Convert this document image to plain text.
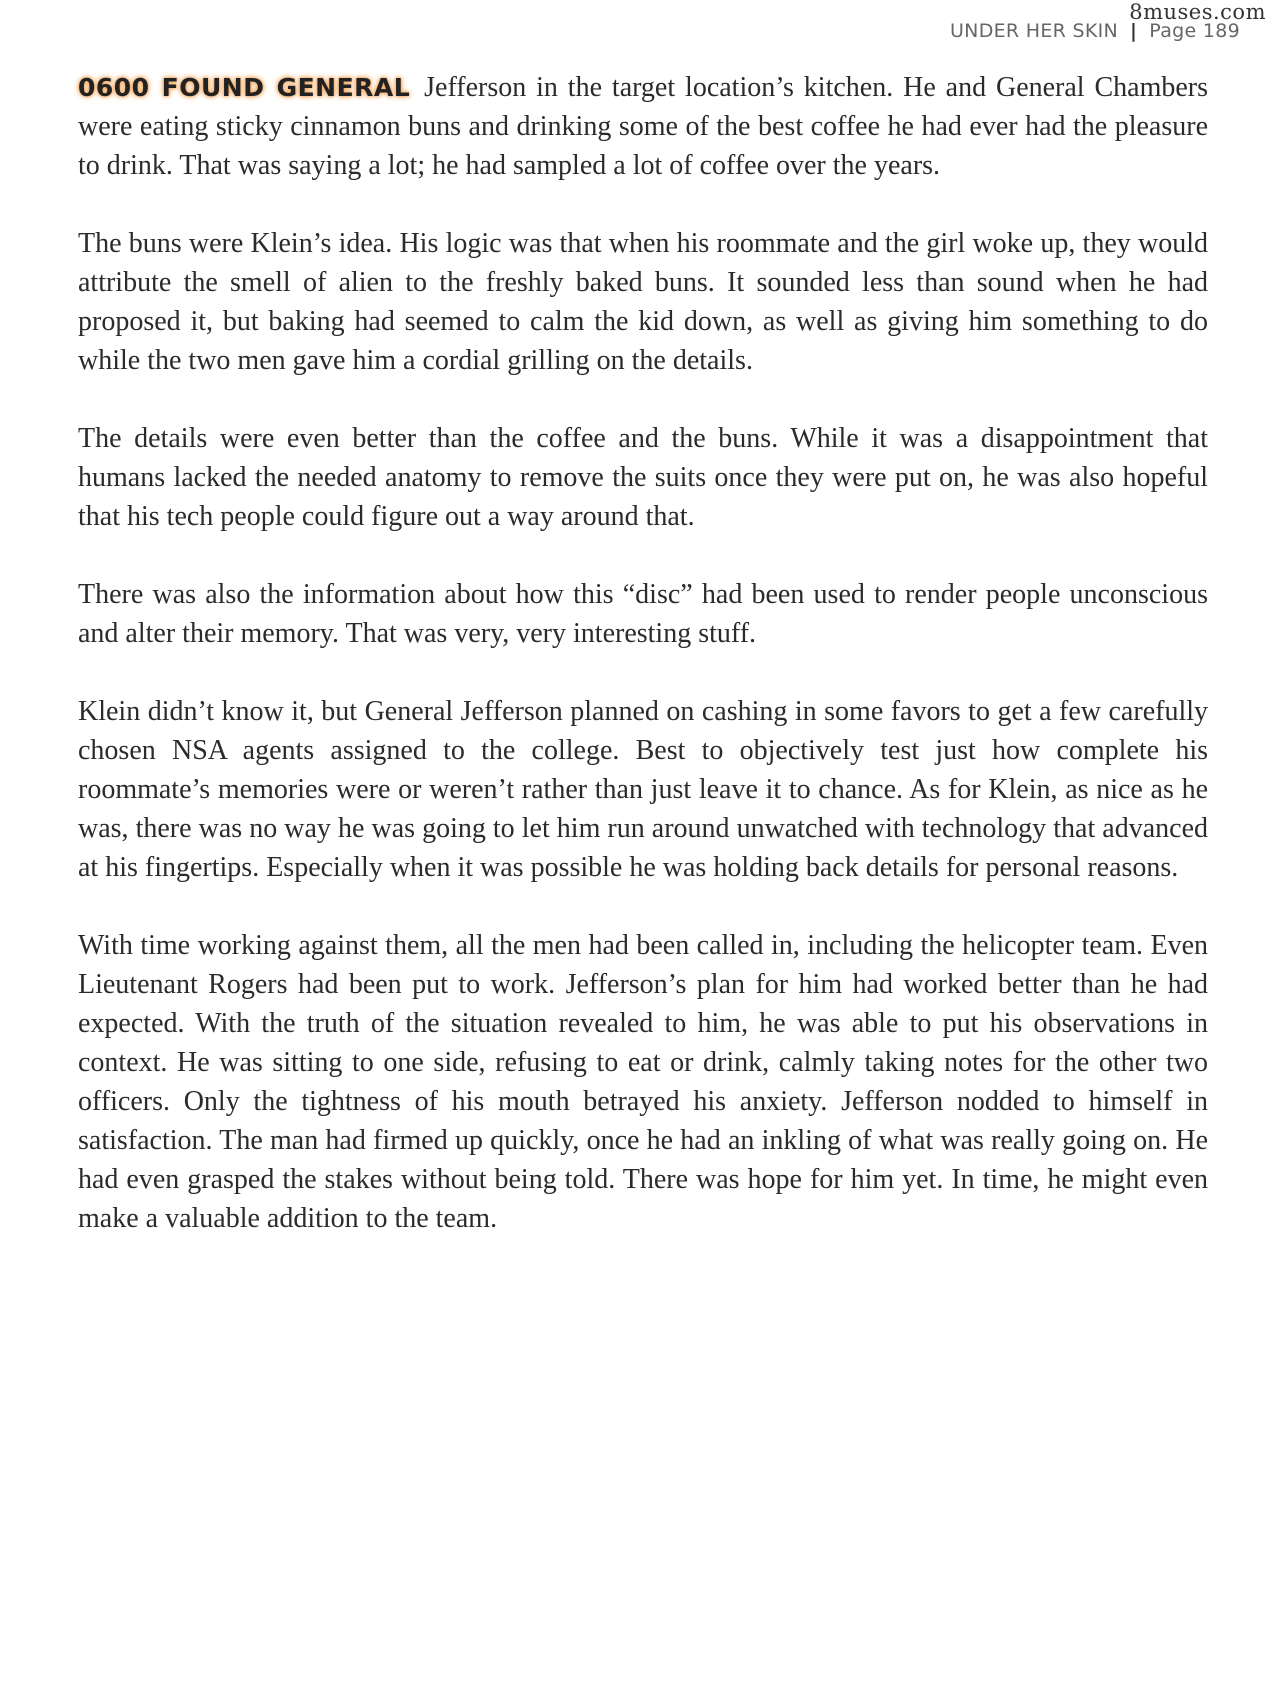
8muses.com
UNDER HER SKIN | Page 189

0600 FOUND GENERAL Jefferson in the target location’s kitchen. He and General Chambers were eating sticky cinnamon buns and drinking some of the best coffee he had ever had the pleasure to drink. That was saying a lot; he had sampled a lot of coffee over the years.

The buns were Klein’s idea. His logic was that when his roommate and the girl woke up, they would attribute the smell of alien to the freshly baked buns. It sounded less than sound when he had proposed it, but baking had seemed to calm the kid down, as well as giving him something to do while the two men gave him a cordial grilling on the details.

The details were even better than the coffee and the buns. While it was a disappointment that humans lacked the needed anatomy to remove the suits once they were put on, he was also hopeful that his tech people could figure out a way around that.

There was also the information about how this “disc” had been used to render people unconscious and alter their memory. That was very, very interesting stuff.

Klein didn’t know it, but General Jefferson planned on cashing in some favors to get a few carefully chosen NSA agents assigned to the college. Best to objectively test just how complete his roommate’s memories were or weren’t rather than just leave it to chance. As for Klein, as nice as he was, there was no way he was going to let him run around unwatched with technology that advanced at his fingertips. Especially when it was possible he was holding back details for personal reasons.

With time working against them, all the men had been called in, including the helicopter team. Even Lieutenant Rogers had been put to work. Jefferson’s plan for him had worked better than he had expected. With the truth of the situation revealed to him, he was able to put his observations in context. He was sitting to one side, refusing to eat or drink, calmly taking notes for the other two officers. Only the tightness of his mouth betrayed his anxiety. Jefferson nodded to himself in satisfaction. The man had firmed up quickly, once he had an inkling of what was really going on. He had even grasped the stakes without being told. There was hope for him yet. In time, he might even make a valuable addition to the team.
